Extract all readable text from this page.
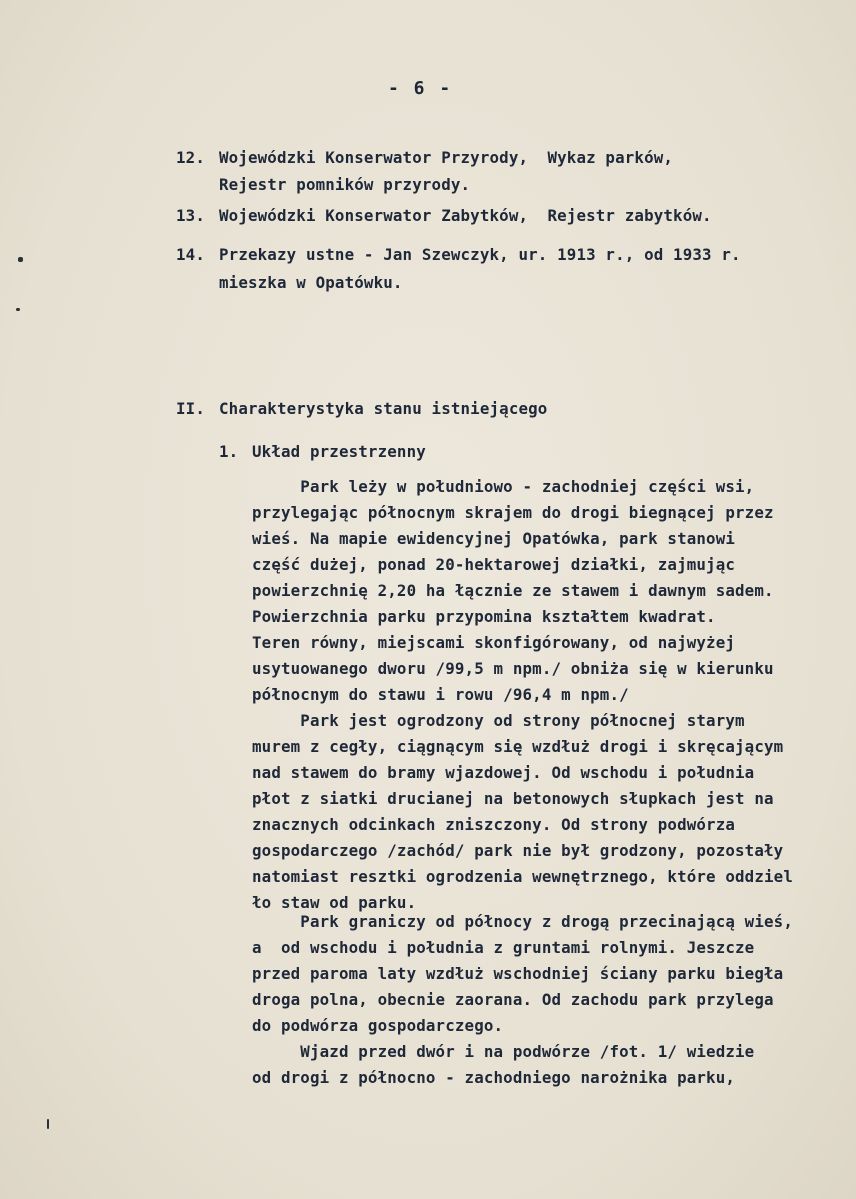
- 6 -
12. Wojewódzki Konserwator Przyrody,  Wykaz parków,
Rejestr pomników przyrody.
13. Wojewódzki Konserwator Zabytków,  Rejestr zabytków.
14. Przekazy ustne - Jan Szewczyk, ur. 1913 r., od 1933 r.
mieszka w Opatówku.
II. Charakterystyka stanu istniejącego
1. Układ przestrzenny
Park leży w południowo - zachodniej części wsi,
przylegając północnym skrajem do drogi biegnącej przez
wieś. Na mapie ewidencyjnej Opatówka, park stanowi
część dużej, ponad 20-hektarowej działki, zajmując
powierzchnię 2,20 ha łącznie ze stawem i dawnym sadem.
Powierzchnia parku przypomina kształtem kwadrat.
Teren równy, miejscami skonfigórowany, od najwyżej
usytuowanego dworu /99,5 m npm./ obniża się w kierunku
północnym do stawu i rowu /96,4 m npm./
Park jest ogrodzony od strony północnej starym
murem z cegły, ciągnącym się wzdłuż drogi i skręcającym
nad stawem do bramy wjazdowej. Od wschodu i południa
płot z siatki drucianej na betonowych słupkach jest na
znacznych odcinkach zniszczony. Od strony podwórza
gospodarczego /zachód/ park nie był grodzony, pozostały
natomiast resztki ogrodzenia wewnętrznego, które oddziel
ło staw od parku.
Park graniczy od północy z drogą przecinającą wieś,
a  od wschodu i południa z gruntami rolnymi. Jeszcze
przed paroma laty wzdłuż wschodniej ściany parku biegła
droga polna, obecnie zaorana. Od zachodu park przylega
do podwórza gospodarczego.
Wjazd przed dwór i na podwórze /fot. 1/ wiedzie
od drogi z północno - zachodniego narożnika parku,
